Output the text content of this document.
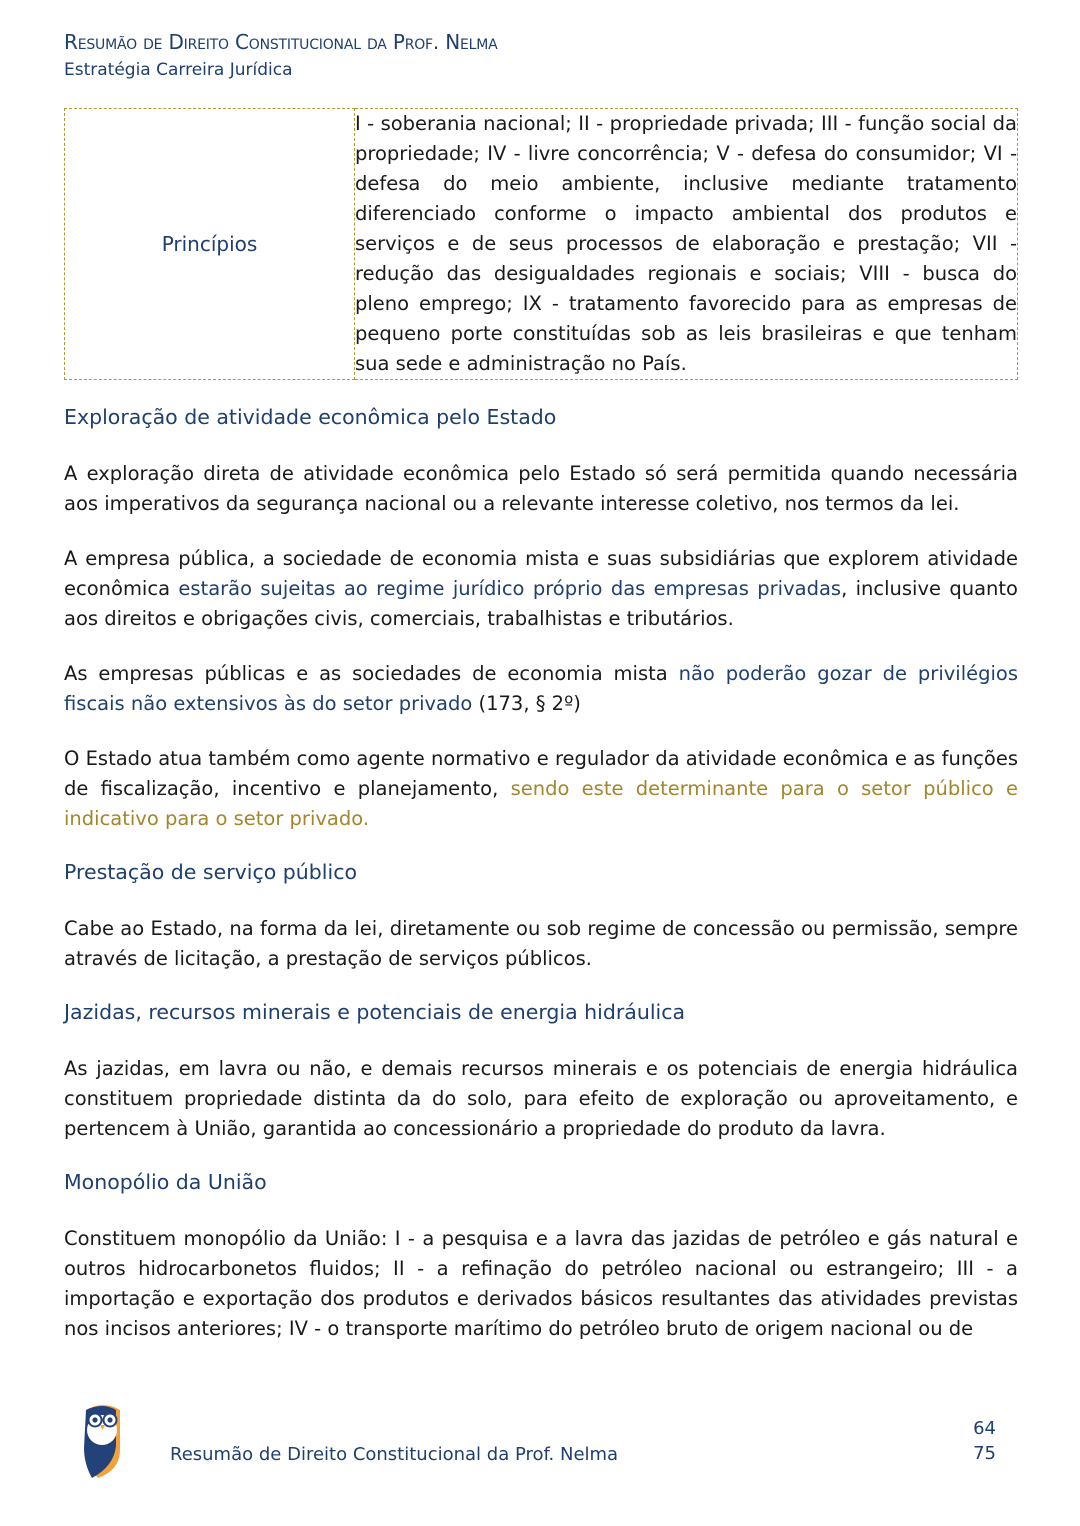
Resumão de Direito Constitucional da Prof. Nelma
Estratégia Carreira Jurídica
Princípios	I - soberania nacional; II - propriedade privada; III - função social da propriedade; IV - livre concorrência; V - defesa do consumidor; VI - defesa do meio ambiente, inclusive mediante tratamento diferenciado conforme o impacto ambiental dos produtos e serviços e de seus processos de elaboração e prestação; VII - redução das desigualdades regionais e sociais; VIII - busca do pleno emprego; IX - tratamento favorecido para as empresas de pequeno porte constituídas sob as leis brasileiras e que tenham sua sede e administração no País.
Exploração de atividade econômica pelo Estado

A exploração direta de atividade econômica pelo Estado só será permitida quando necessária aos imperativos da segurança nacional ou a relevante interesse coletivo, nos termos da lei.

A empresa pública, a sociedade de economia mista e suas subsidiárias que explorem atividade econômica estarão sujeitas ao regime jurídico próprio das empresas privadas, inclusive quanto aos direitos e obrigações civis, comerciais, trabalhistas e tributários.

As empresas públicas e as sociedades de economia mista não poderão gozar de privilégios fiscais não extensivos às do setor privado (173, § 2º)

O Estado atua também como agente normativo e regulador da atividade econômica e as funções de fiscalização, incentivo e planejamento, sendo este determinante para o setor público e indicativo para o setor privado.

Prestação de serviço público

Cabe ao Estado, na forma da lei, diretamente ou sob regime de concessão ou permissão, sempre através de licitação, a prestação de serviços públicos.

Jazidas, recursos minerais e potenciais de energia hidráulica

As jazidas, em lavra ou não, e demais recursos minerais e os potenciais de energia hidráulica constituem propriedade distinta da do solo, para efeito de exploração ou aproveitamento, e pertencem à União, garantida ao concessionário a propriedade do produto da lavra.

Monopólio da União

Constituem monopólio da União: I - a pesquisa e a lavra das jazidas de petróleo e gás natural e outros hidrocarbonetos fluidos; II - a refinação do petróleo nacional ou estrangeiro; III - a importação e exportação dos produtos e derivados básicos resultantes das atividades previstas nos incisos anteriores; IV - o transporte marítimo do petróleo bruto de origem nacional ou de

Resumão de Direito Constitucional da Prof. Nelma
64
75
